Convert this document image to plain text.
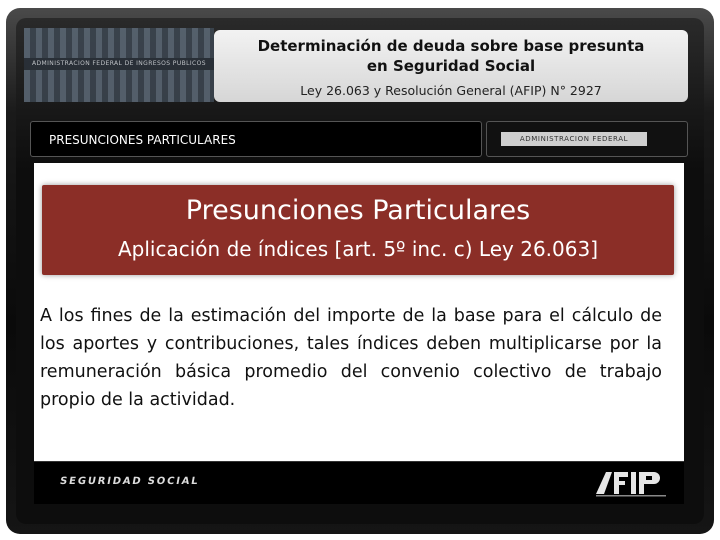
ADMINISTRACION FEDERAL DE INGRESOS PUBLICOS
Determinación de deuda sobre base presunta
en Seguridad Social
Ley 26.063 y Resolución General (AFIP) N° 2927
PRESUNCIONES PARTICULARES	ADMINISTRACION FEDERAL
Presunciones Particulares
Aplicación de índices [art. 5º inc. c) Ley 26.063]
A los fines de la estimación del importe de la base para el cálculo de los aportes y contribuciones, tales índices deben multiplicarse por la remuneración básica promedio del convenio colectivo de trabajo propio de la actividad.
SEGURIDAD SOCIAL
